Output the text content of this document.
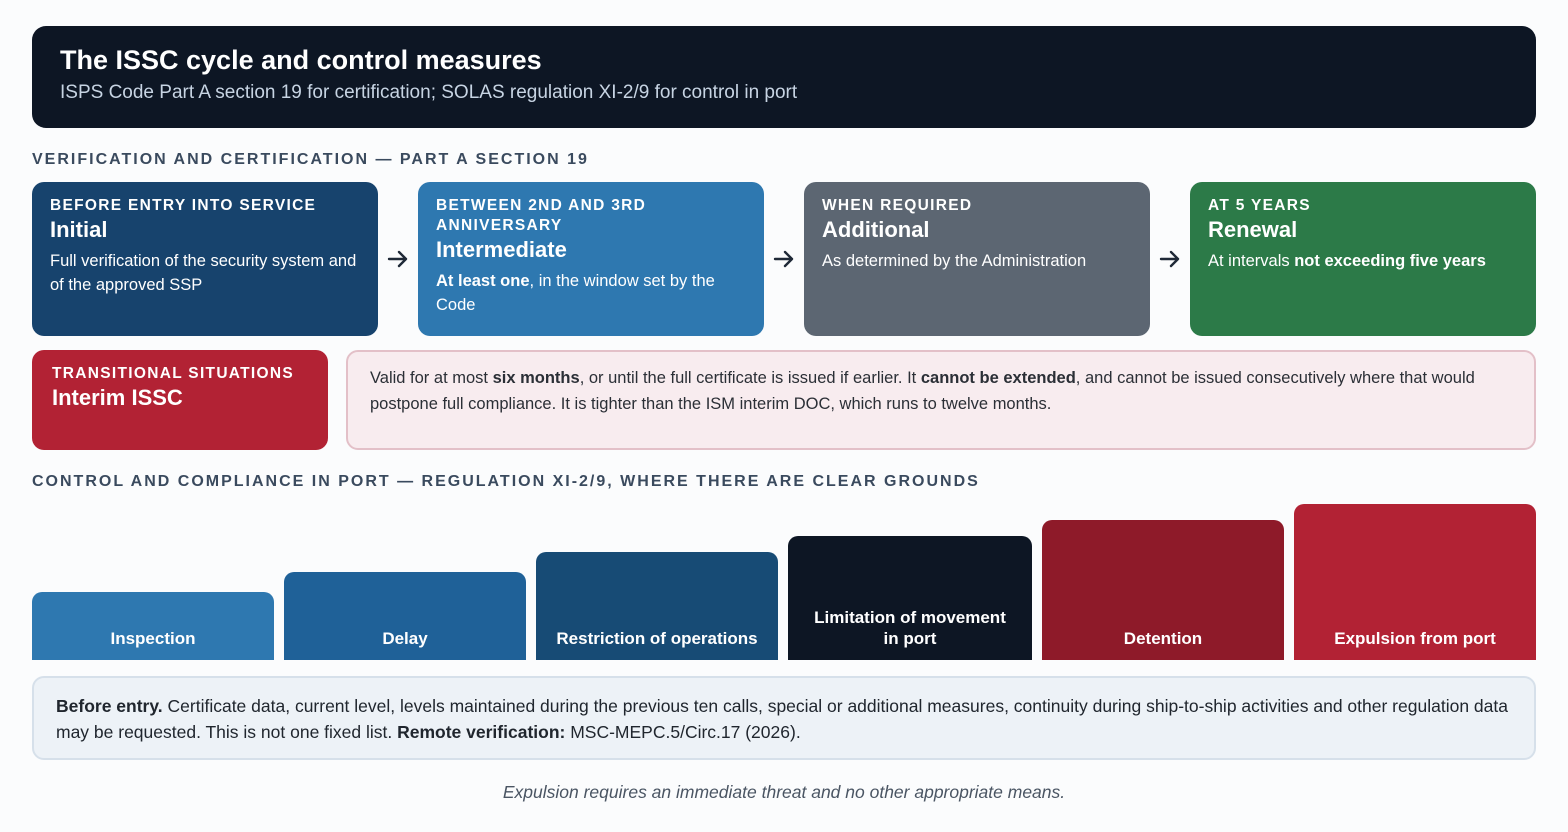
The ISSC cycle and control measures
ISPS Code Part A section 19 for certification; SOLAS regulation XI-2/9 for control in port
VERIFICATION AND CERTIFICATION — PART A SECTION 19
BEFORE ENTRY INTO SERVICE
Initial
Full verification of the security system and of the approved SSP
BETWEEN 2ND AND 3RD ANNIVERSARY
Intermediate
At least one, in the window set by the Code
WHEN REQUIRED
Additional
As determined by the Administration
AT 5 YEARS
Renewal
At intervals not exceeding five years
TRANSITIONAL SITUATIONS
Interim ISSC
Valid for at most six months, or until the full certificate is issued if earlier. It cannot be extended, and cannot be issued consecutively where that would postpone full compliance. It is tighter than the ISM interim DOC, which runs to twelve months.
CONTROL AND COMPLIANCE IN PORT — REGULATION XI-2/9, WHERE THERE ARE CLEAR GROUNDS
Inspection	Delay	Restriction of operations
Limitation of movement in port	Detention	Expulsion from port
Before entry. Certificate data, current level, levels maintained during the previous ten calls, special or additional measures, continuity during ship-to-ship activities and other regulation data may be requested. This is not one fixed list. Remote verification: MSC-MEPC.5/Circ.17 (2026).
Expulsion requires an immediate threat and no other appropriate means.
